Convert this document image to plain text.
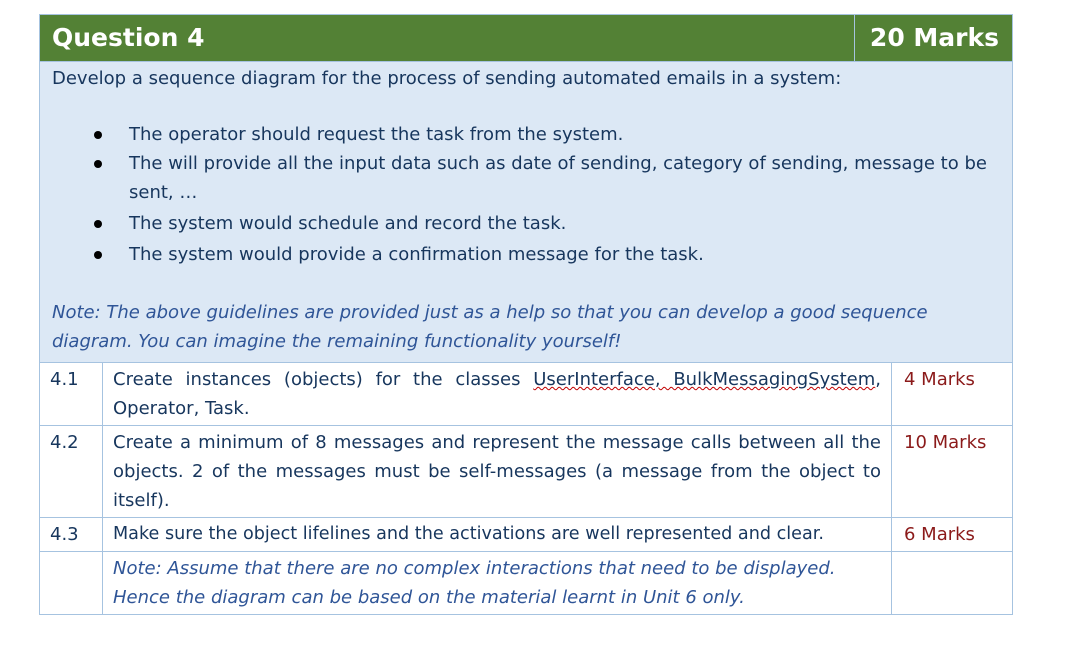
Question 4	20 Marks

Develop a sequence diagram for the process of sending automated emails in a system:

The operator should request the task from the system.
The will provide all the input data such as date of sending, category of sending, message to be sent, …
The system would schedule and record the task.
The system would provide a confirmation message for the task.
Note: The above guidelines are provided just as a help so that you can develop a good sequence diagram. You can imagine the remaining functionality yourself!
4.1	Create instances (objects) for the classes UserInterface, BulkMessagingSystem, Operator, Task.	4 Marks
4.2	Create a minimum of 8 messages and represent the message calls between all the objects. 2 of the messages must be self-messages (a message from the object to itself).	10 Marks
4.3	Make sure the object lifelines and the activations are well represented and clear.	6 Marks
	Note: Assume that there are no complex interactions that need to be displayed. Hence the diagram can be based on the material learnt in Unit 6 only.	
